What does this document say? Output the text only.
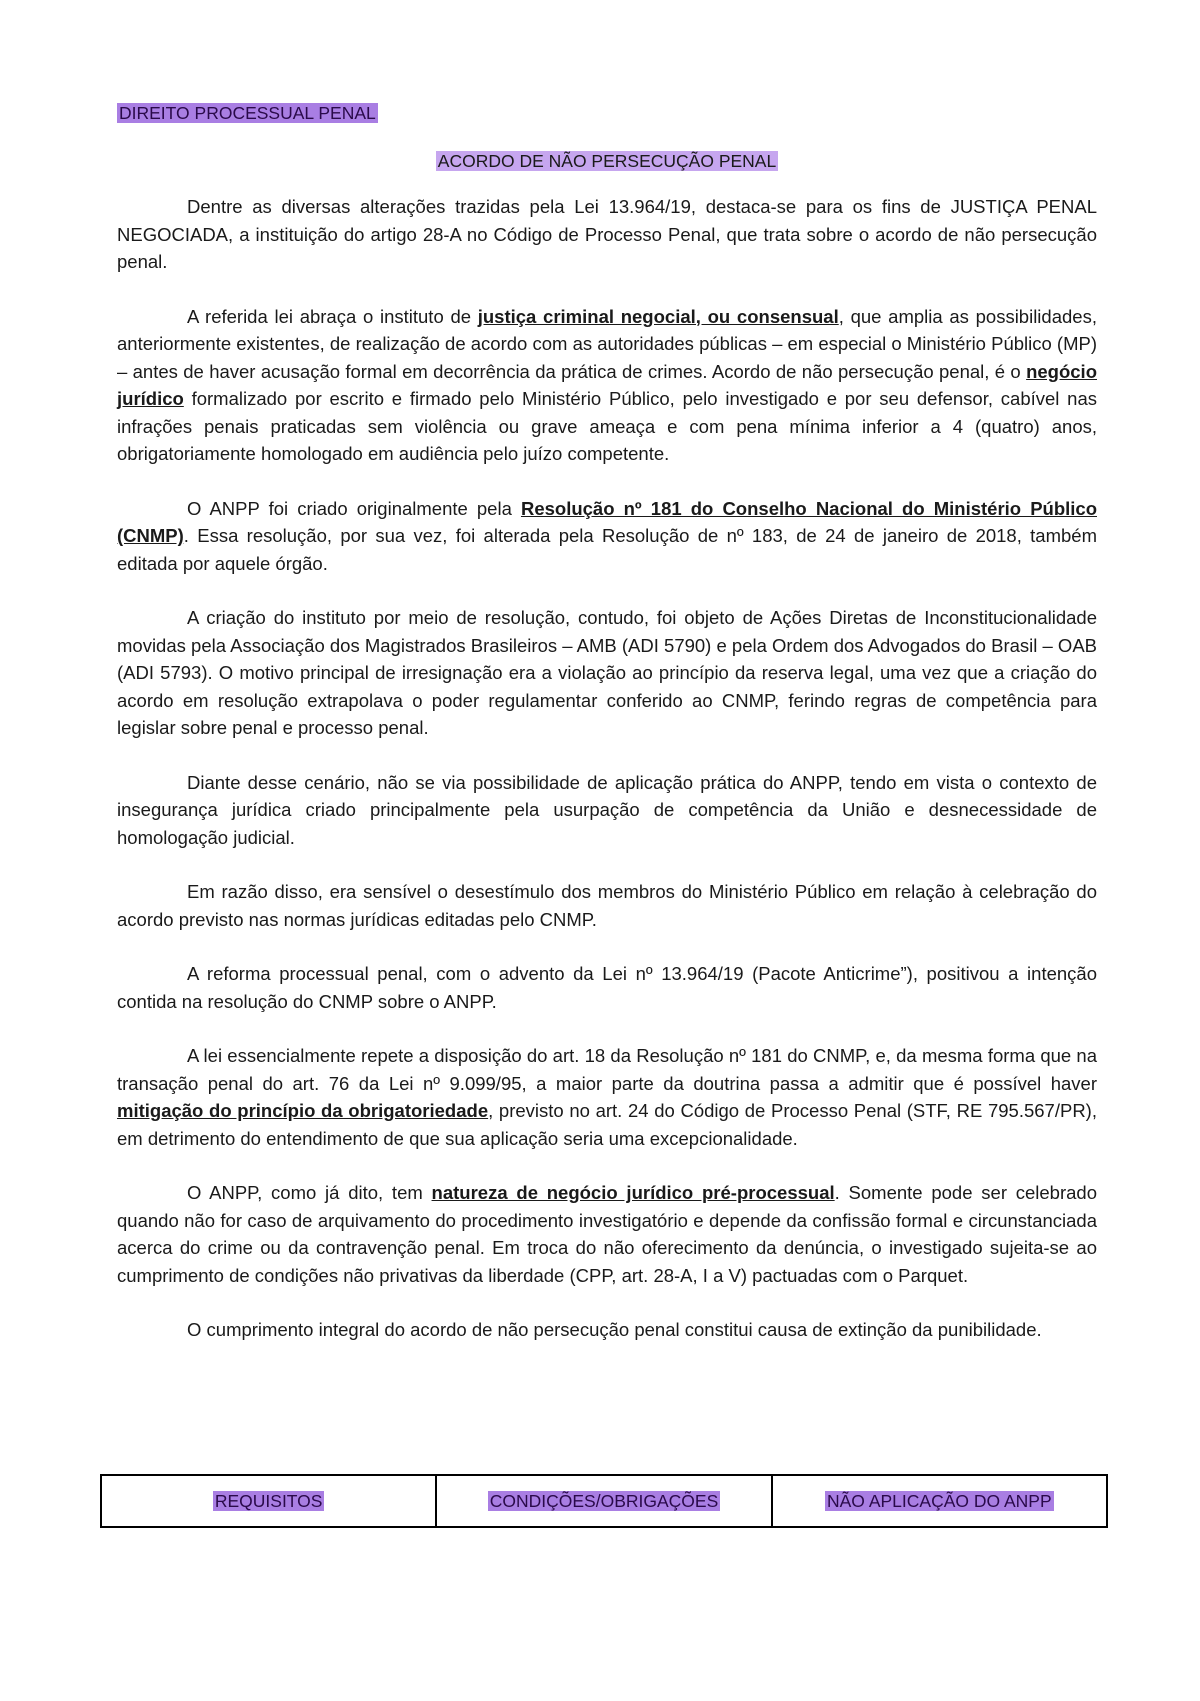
DIREITO PROCESSUAL PENAL
ACORDO DE NÃO PERSECUÇÃO PENAL

Dentre as diversas alterações trazidas pela Lei 13.964/19, destaca-se para os fins de JUSTIÇA PENAL NEGOCIADA, a instituição do artigo 28-A no Código de Processo Penal, que trata sobre o acordo de não persecução penal.

A referida lei abraça o instituto de justiça criminal negocial, ou consensual, que amplia as possibilidades, anteriormente existentes, de realização de acordo com as autoridades públicas – em especial o Ministério Público (MP) – antes de haver acusação formal em decorrência da prática de crimes. Acordo de não persecução penal, é o negócio jurídico formalizado por escrito e firmado pelo Ministério Público, pelo investigado e por seu defensor, cabível nas infrações penais praticadas sem violência ou grave ameaça e com pena mínima inferior a 4 (quatro) anos, obrigatoriamente homologado em audiência pelo juízo competente.

O ANPP foi criado originalmente pela Resolução nº 181 do Conselho Nacional do Ministério Público (CNMP). Essa resolução, por sua vez, foi alterada pela Resolução de nº 183, de 24 de janeiro de 2018, também editada por aquele órgão.

A criação do instituto por meio de resolução, contudo, foi objeto de Ações Diretas de Inconstitucionalidade movidas pela Associação dos Magistrados Brasileiros – AMB (ADI 5790) e pela Ordem dos Advogados do Brasil – OAB (ADI 5793). O motivo principal de irresignação era a violação ao princípio da reserva legal, uma vez que a criação do acordo em resolução extrapolava o poder regulamentar conferido ao CNMP, ferindo regras de competência para legislar sobre penal e processo penal.

Diante desse cenário, não se via possibilidade de aplicação prática do ANPP, tendo em vista o contexto de insegurança jurídica criado principalmente pela usurpação de competência da União e desnecessidade de homologação judicial.

Em razão disso, era sensível o desestímulo dos membros do Ministério Público em relação à celebração do acordo previsto nas normas jurídicas editadas pelo CNMP.

A reforma processual penal, com o advento da Lei nº 13.964/19 (Pacote Anticrime”), positivou a intenção contida na resolução do CNMP sobre o ANPP.

A lei essencialmente repete a disposição do art. 18 da Resolução nº 181 do CNMP, e, da mesma forma que na transação penal do art. 76 da Lei nº 9.099/95, a maior parte da doutrina passa a admitir que é possível haver mitigação do princípio da obrigatoriedade, previsto no art. 24 do Código de Processo Penal (STF, RE 795.567/PR), em detrimento do entendimento de que sua aplicação seria uma excepcionalidade.

O ANPP, como já dito, tem natureza de negócio jurídico pré-processual. Somente pode ser celebrado quando não for caso de arquivamento do procedimento investigatório e depende da confissão formal e circunstanciada acerca do crime ou da contravenção penal. Em troca do não oferecimento da denúncia, o investigado sujeita-se ao cumprimento de condições não privativas da liberdade (CPP, art. 28-A, I a V) pactuadas com o Parquet.

O cumprimento integral do acordo de não persecução penal constitui causa de extinção da punibilidade.

REQUISITOS	CONDIÇÕES/OBRIGAÇÕES	NÃO APLICAÇÃO DO ANPP
